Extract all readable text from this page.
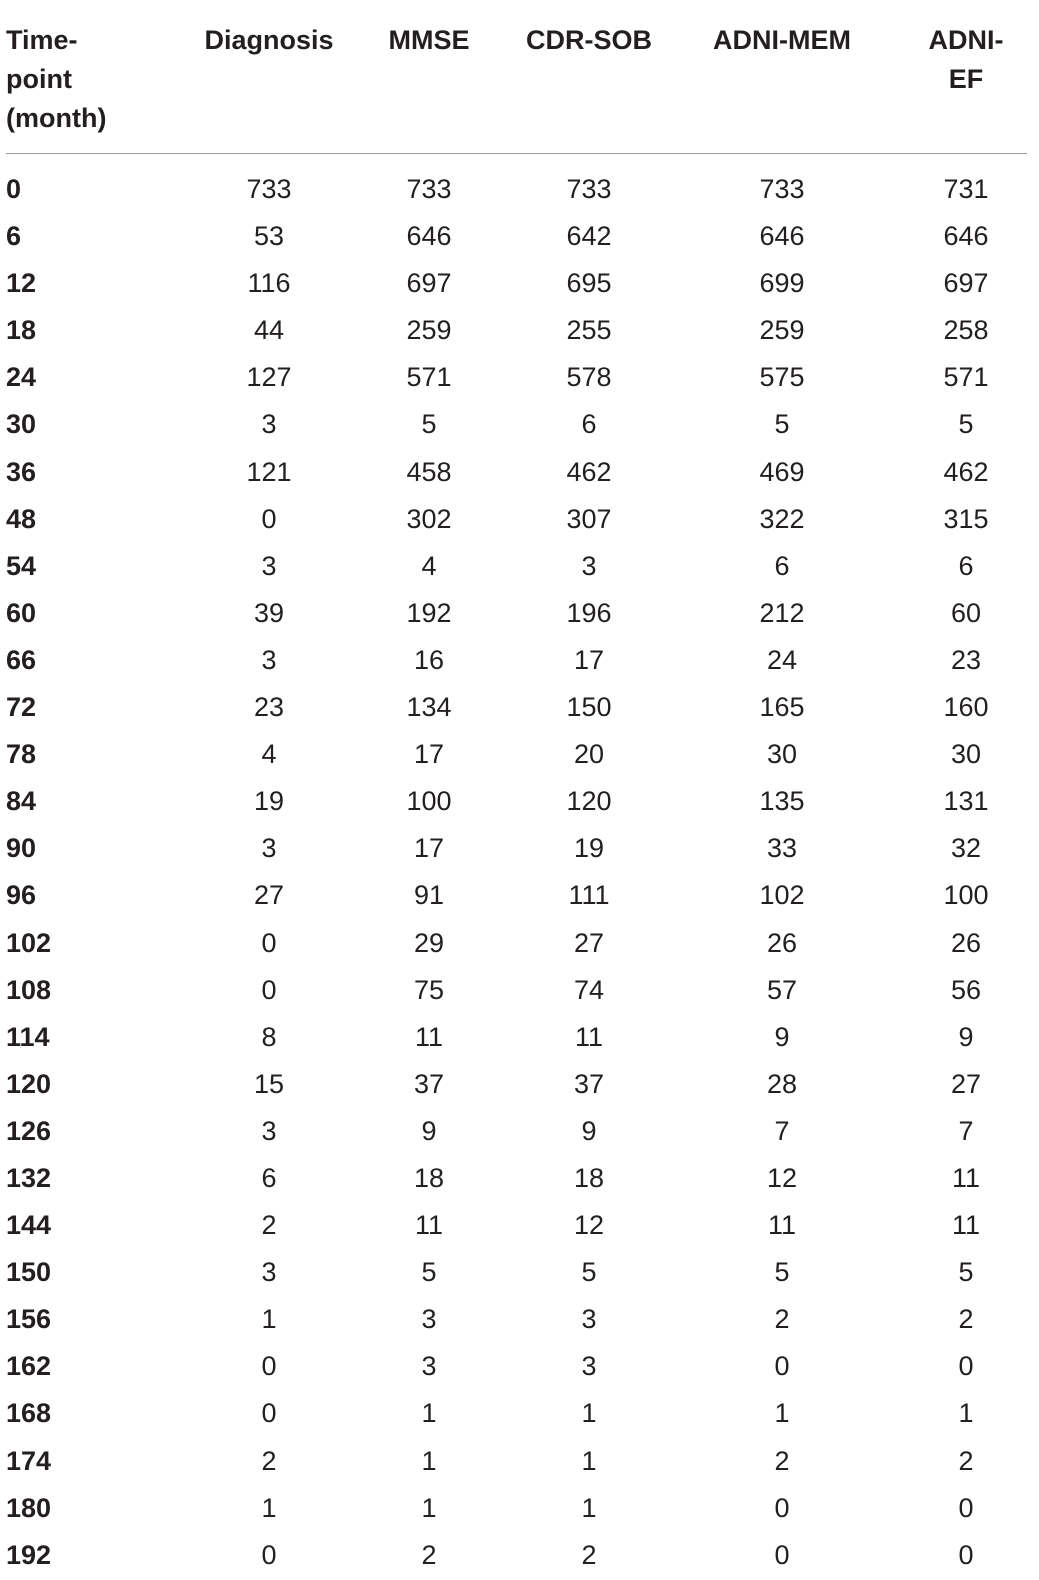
Time-
point
(month)
Diagnosis MMSE CDR-SOB ADNI-MEM	ADNI-EF
0	733	733	733	733	731
6	53	646	642	646	646
12	116	697	695	699	697
18	44	259	255	259	258
24	127	571	578	575	571
30	3	5	6	5	5
36	121	458	462	469	462
48	0	302	307	322	315
54	3	4	3	6	6
60	39	192	196	212	60
66	3	16	17	24	23
72	23	134	150	165	160
78	4	17	20	30	30
84	19	100	120	135	131
90	3	17	19	33	32
96	27	91	111	102	100
102	0	29	27	26	26
108	0	75	74	57	56
114	8	11	11	9	9
120	15	37	37	28	27
126	3	9	9	7	7
132	6	18	18	12	11
144	2	11	12	11	11
150	3	5	5	5	5
156	1	3	3	2	2
162	0	3	3	0	0
168	0	1	1	1	1
174	2	1	1	2	2
180	1	1	1	0	0
192	0	2	2	0	0
